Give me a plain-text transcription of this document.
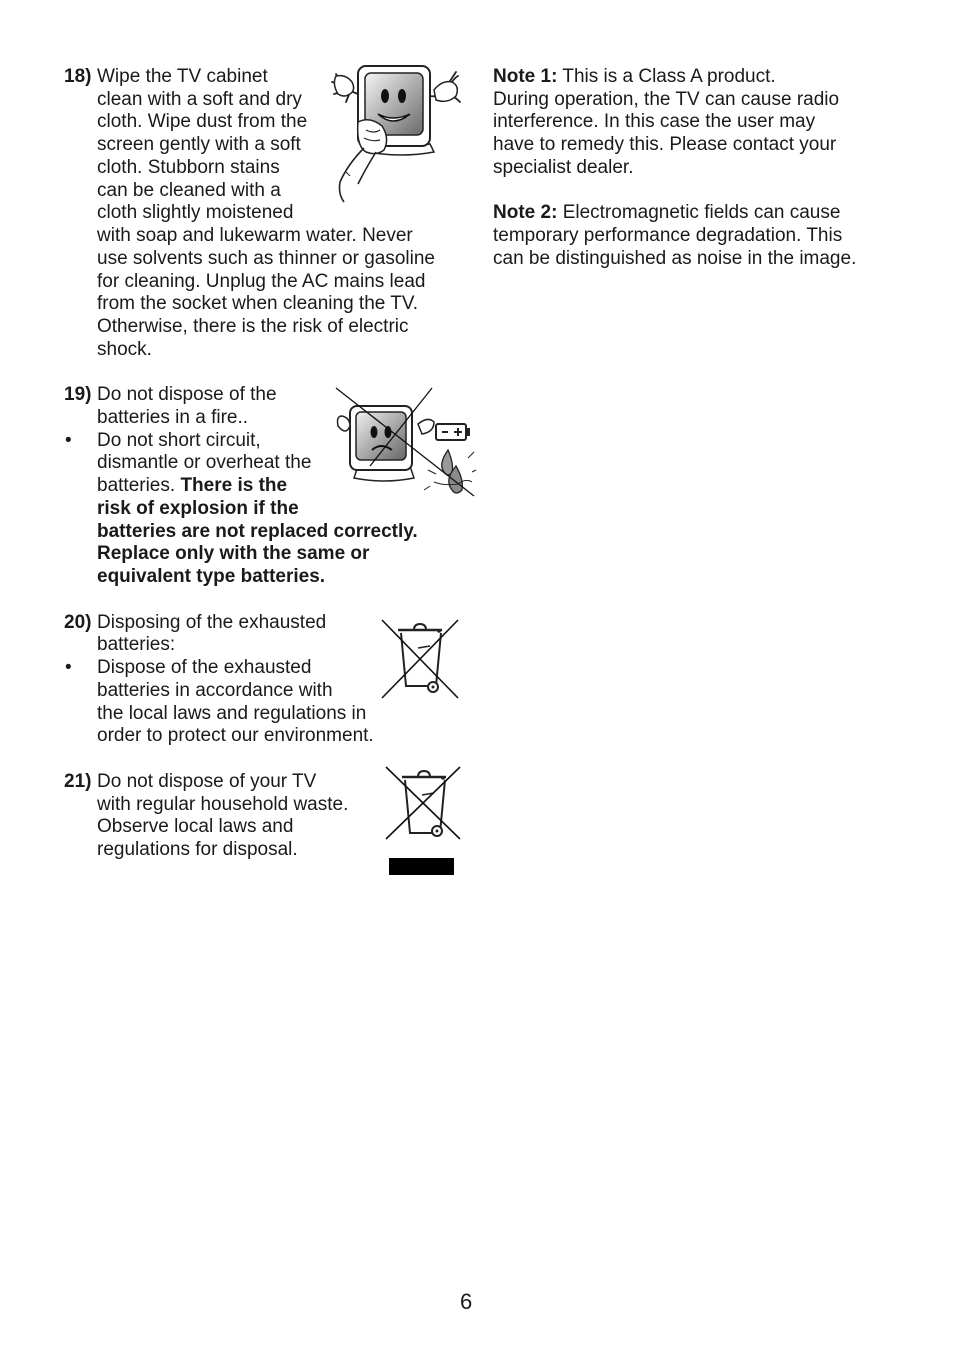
18) Wipe the TV cabinet
clean with a soft and dry
cloth. Wipe dust from the
screen gently with a soft
cloth. Stubborn stains
can be cleaned with a
cloth slightly moistened
with soap and lukewarm water. Never
use solvents such as thinner or gasoline
for cleaning. Unplug the AC mains lead
from the socket when cleaning the TV.
Otherwise, there is the risk of electric
shock.
19) Do not dispose of the
batteries in a fire..
• Do not short circuit,
dismantle or overheat the
batteries. There is the
risk of explosion if the
batteries are not replaced correctly.
Replace only with the same or
equivalent type batteries.
20) Disposing of the exhausted
batteries:
• Dispose of the exhausted
batteries in accordance with
the local laws and regulations in
order to protect our environment.
21) Do not dispose of your TV
with regular household waste.
Observe local laws and
regulations for disposal.
Note 1: This is a Class A product.
During operation, the TV can cause radio
interference. In this case the user may
have to remedy this. Please contact your
specialist dealer.
Note 2: Electromagnetic fields can cause
temporary performance degradation. This
can be distinguished as noise in the image.
6
